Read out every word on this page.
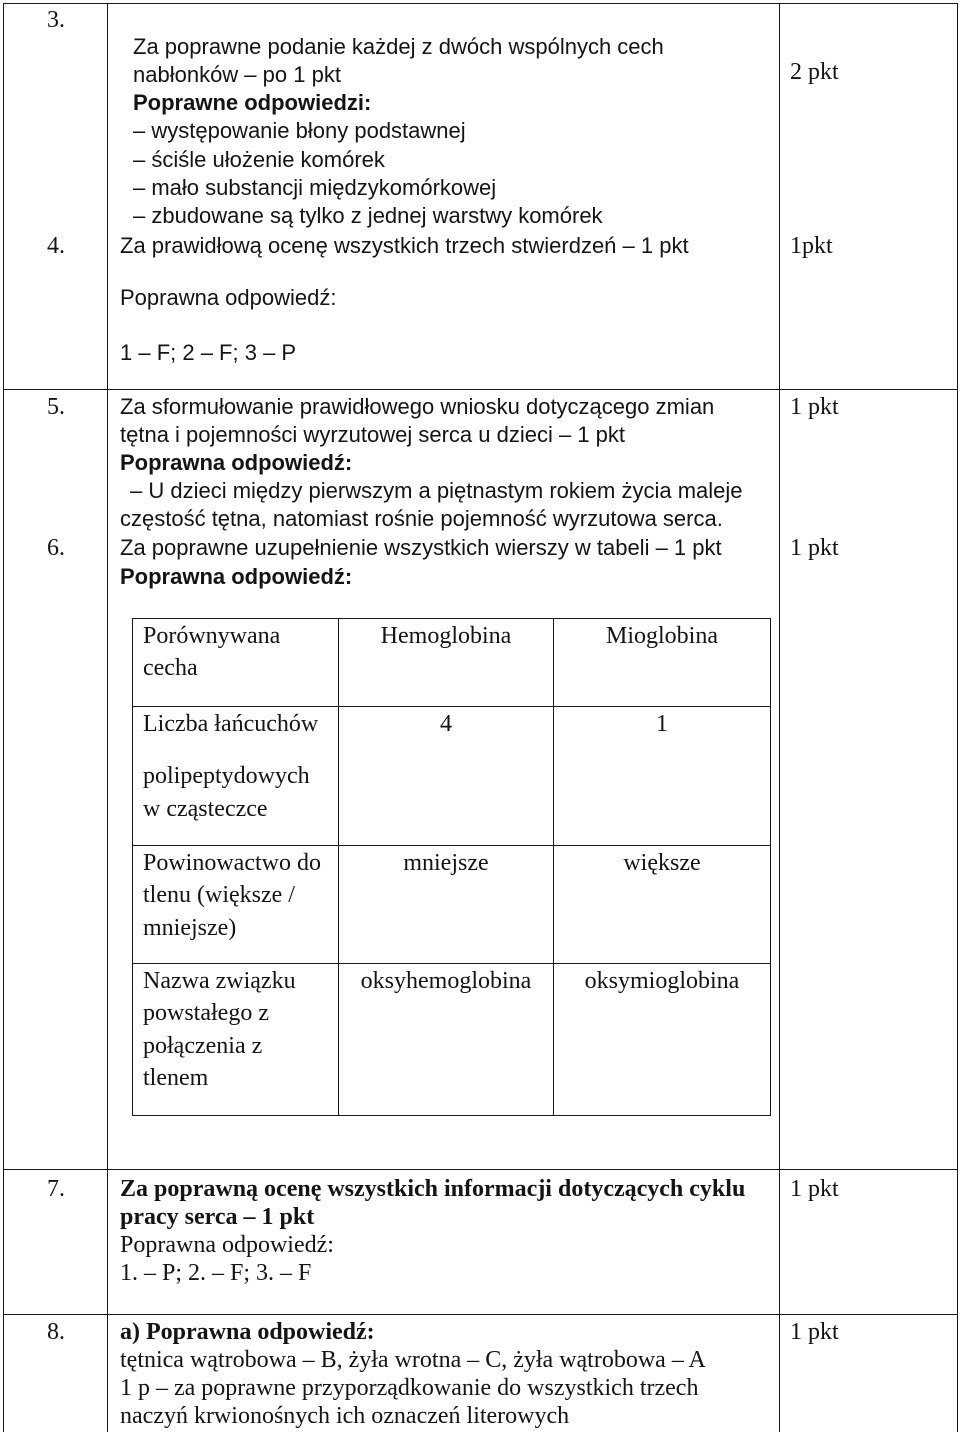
3.
Za poprawne podanie każdej z dwóch wspólnych cech
nabłonków – po 1 pkt
Poprawne odpowiedzi:
– występowanie błony podstawnej
– ściśle ułożenie komórek
– mało substancji międzykomórkowej
– zbudowane są tylko z jednej warstwy komórek
2 pkt
4.	Za prawidłową ocenę wszystkich trzech stwierdzeń – 1 pkt
Poprawna odpowiedź:
1 – F; 2 – F; 3 – P
1pkt
5.	Za sformułowanie prawidłowego wniosku dotyczącego zmian
tętna i pojemności wyrzutowej serca u dzieci – 1 pkt
Poprawna odpowiedź:
– U dzieci między pierwszym a piętnastym rokiem życia maleje
częstość tętna, natomiast rośnie pojemność wyrzutowa serca.
1 pkt
6.	Za poprawne uzupełnienie wszystkich wierszy w tabeli – 1 pkt
Poprawna odpowiedź:
Porównywana
cecha	Hemoglobina	Mioglobina

Liczba łańcuchów
polipeptydowych
w cząsteczce	4	1

Powinowactwo do
tlenu (większe /
mniejsze)	mniejsze	większe

Nazwa związku
powstałego z
połączenia z
tlenem	oksyhemoglobina	oksymioglobina
1 pkt
7.	Za poprawną ocenę wszystkich informacji dotyczących cyklu
pracy serca – 1 pkt
Poprawna odpowiedź:
1. – P; 2. – F; 3. – F
1 pkt
8.	a) Poprawna odpowiedź:
tętnica wątrobowa – B, żyła wrotna – C, żyła wątrobowa – A
1 p – za poprawne przyporządkowanie do wszystkich trzech
naczyń krwionośnych ich oznaczeń literowych
1 pkt
